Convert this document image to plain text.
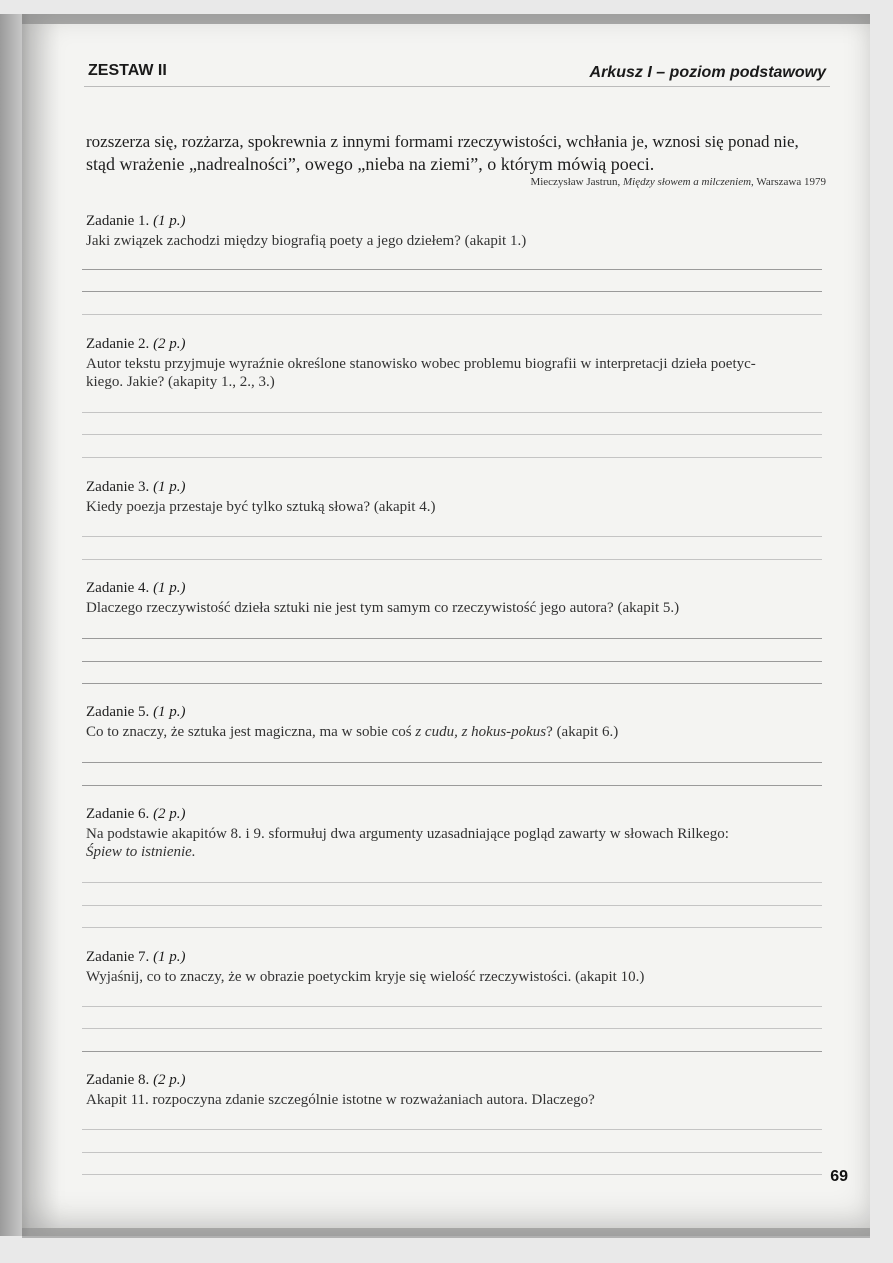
ZESTAW II	Arkusz I – poziom podstawowy
rozszerza się, rozżarza, spokrewnia z innymi formami rzeczywistości, wchłania je, wznosi się ponad nie,
stąd wrażenie „nadrealności”, owego „nieba na ziemi”, o którym mówią poeci.
Mieczysław Jastrun, Między słowem a milczeniem, Warszawa 1979
Zadanie 1. (1 p.)
Jaki związek zachodzi między biografią poety a jego dziełem? (akapit 1.)
Zadanie 2. (2 p.)
Autor tekstu przyjmuje wyraźnie określone stanowisko wobec problemu biografii w interpretacji dzieła poetyc-
kiego. Jakie? (akapity 1., 2., 3.)
Zadanie 3. (1 p.)
Kiedy poezja przestaje być tylko sztuką słowa? (akapit 4.)
Zadanie 4. (1 p.)
Dlaczego rzeczywistość dzieła sztuki nie jest tym samym co rzeczywistość jego autora? (akapit 5.)
Zadanie 5. (1 p.)
Co to znaczy, że sztuka jest magiczna, ma w sobie coś z cudu, z hokus-pokus? (akapit 6.)
Zadanie 6. (2 p.)
Na podstawie akapitów 8. i 9. sformułuj dwa argumenty uzasadniające pogląd zawarty w słowach Rilkego:
Śpiew to istnienie.
Zadanie 7. (1 p.)
Wyjaśnij, co to znaczy, że w obrazie poetyckim kryje się wielość rzeczywistości. (akapit 10.)
Zadanie 8. (2 p.)
Akapit 11. rozpoczyna zdanie szczególnie istotne w rozważaniach autora. Dlaczego?
69
